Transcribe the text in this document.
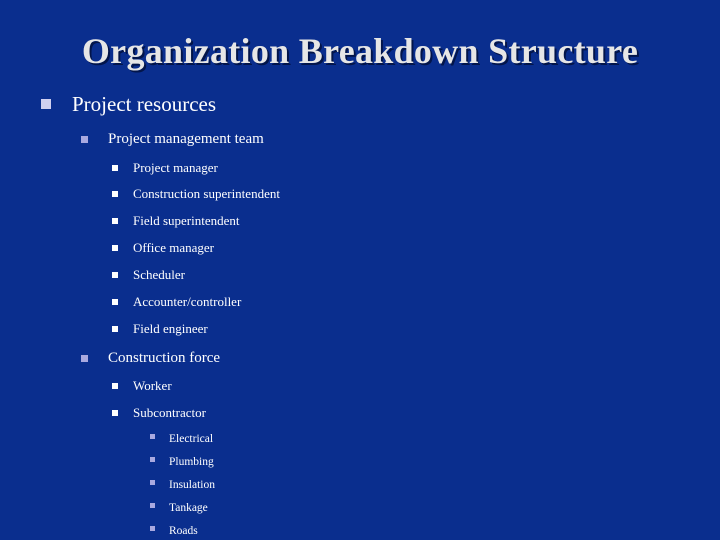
Organization Breakdown Structure
Project resources
Project management team
Project manager
Construction superintendent
Field superintendent
Office manager
Scheduler
Accounter/controller
Field engineer
Construction force
Worker
Subcontractor
Electrical
Plumbing
Insulation
Tankage
Roads
